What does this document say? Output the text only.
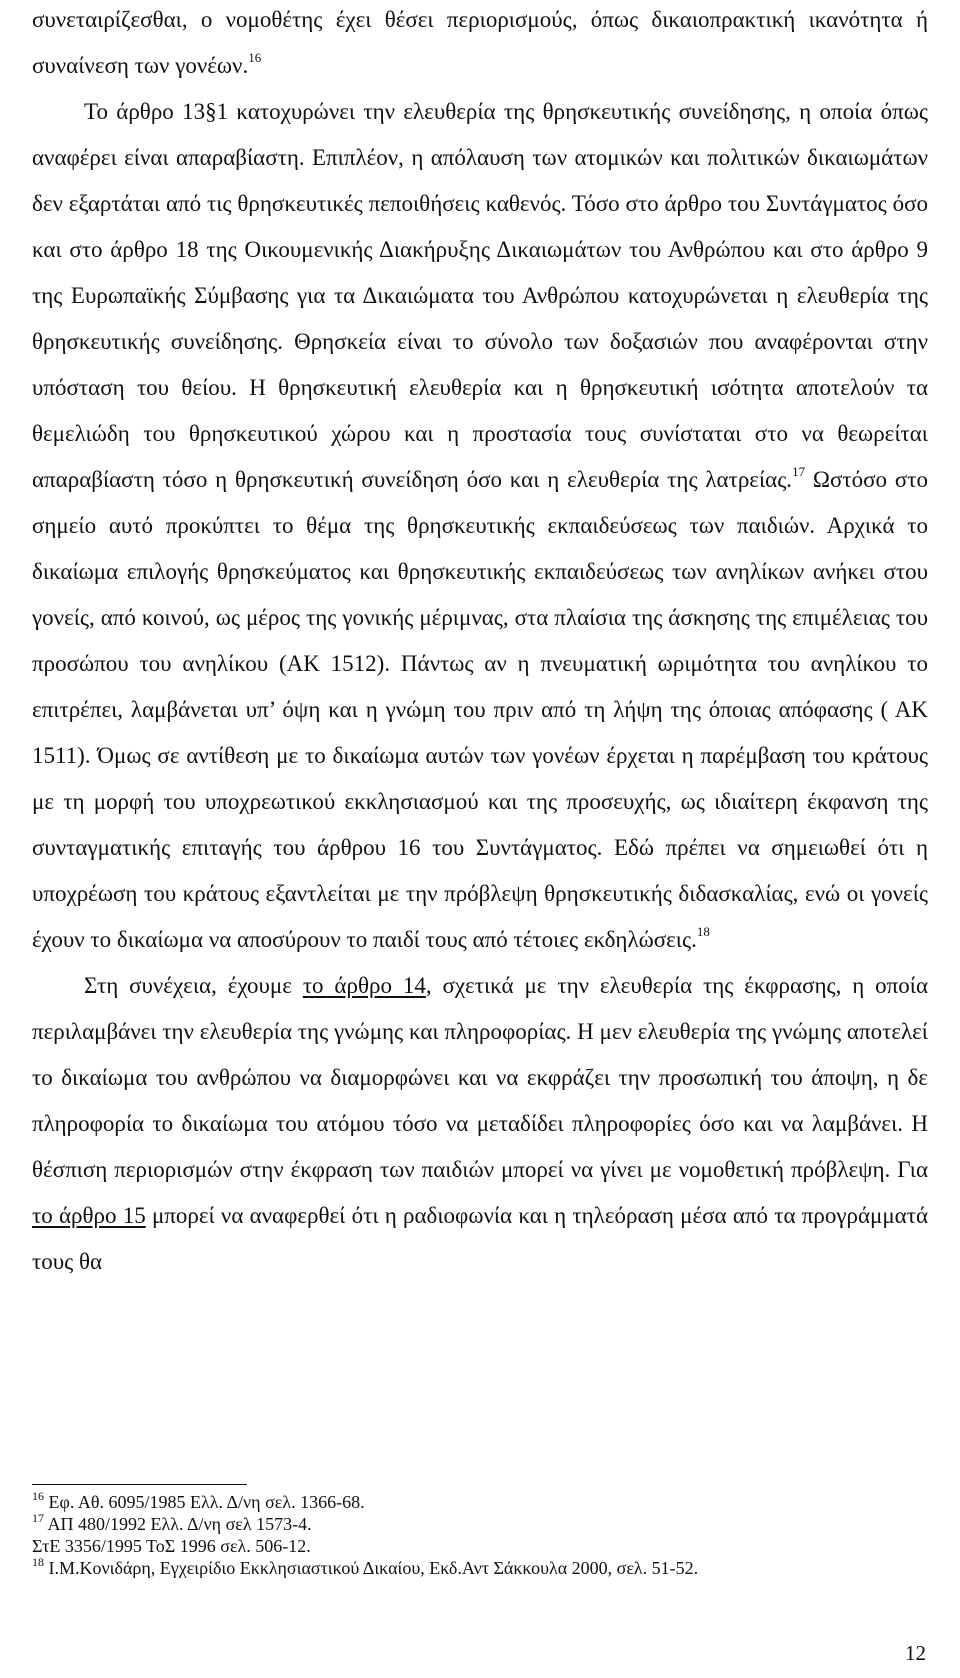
συνεταιρίζεσθαι, ο νομοθέτης έχει θέσει περιορισμούς, όπως δικαιοπρακτική ικανότητα ή συναίνεση των γονέων.$^{16}$

Το άρθρο 13§1 κατοχυρώνει την ελευθερία της θρησκευτικής συνείδησης, η οποία όπως αναφέρει είναι απαραβίαστη. Επιπλέον, η απόλαυση των ατομικών και πολιτικών δικαιωμάτων δεν εξαρτάται από τις θρησκευτικές πεποιθήσεις καθενός. Τόσο στο άρθρο του Συντάγματος όσο και στο άρθρο 18 της Οικουμενικής Διακήρυξης Δικαιωμάτων του Ανθρώπου και στο άρθρο 9 της Ευρωπαϊκής Σύμβασης για τα Δικαιώματα του Ανθρώπου κατοχυρώνεται η ελευθερία της θρησκευτικής συνείδησης. Θρησκεία είναι το σύνολο των δοξασιών που αναφέρονται στην υπόσταση του θείου. Η θρησκευτική ελευθερία και η θρησκευτική ισότητα αποτελούν τα θεμελιώδη του θρησκευτικού χώρου και η προστασία τους συνίσταται στο να θεωρείται απαραβίαστη τόσο η θρησκευτική συνείδηση όσο και η ελευθερία της λατρείας.$^{17}$ Ωστόσο στο σημείο αυτό προκύπτει το θέμα της θρησκευτικής εκπαιδεύσεως των παιδιών. Αρχικά το δικαίωμα επιλογής θρησκεύματος και θρησκευτικής εκπαιδεύσεως των ανηλίκων ανήκει στου γονείς, από κοινού, ως μέρος της γονικής μέριμνας, στα πλαίσια της άσκησης της επιμέλειας του προσώπου του ανηλίκου (ΑΚ 1512). Πάντως αν η πνευματική ωριμότητα του ανηλίκου το επιτρέπει, λαμβάνεται υπ’ όψη και η γνώμη του πριν από τη λήψη της όποιας απόφασης ( ΑΚ 1511). Όμως σε αντίθεση με το δικαίωμα αυτών των γονέων έρχεται η παρέμβαση του κράτους με τη μορφή του υποχρεωτικού εκκλησιασμού και της προσευχής, ως ιδιαίτερη έκφανση της συνταγματικής επιταγής του άρθρου 16 του Συντάγματος. Εδώ πρέπει να σημειωθεί ότι η υποχρέωση του κράτους εξαντλείται με την πρόβλεψη θρησκευτικής διδασκαλίας, ενώ οι γονείς έχουν το δικαίωμα να αποσύρουν το παιδί τους από τέτοιες εκδηλώσεις.$^{18}$

Στη συνέχεια, έχουμε το άρθρο 14, σχετικά με την ελευθερία της έκφρασης, η οποία περιλαμβάνει την ελευθερία της γνώμης και πληροφορίας. Η μεν ελευθερία της γνώμης αποτελεί το δικαίωμα του ανθρώπου να διαμορφώνει και να εκφράζει την προσωπική του άποψη, η δε πληροφορία το δικαίωμα του ατόμου τόσο να μεταδίδει πληροφορίες όσο και να λαμβάνει. Η θέσπιση περιορισμών στην έκφραση των παιδιών μπορεί να γίνει με νομοθετική πρόβλεψη. Για το άρθρο 15 μπορεί να αναφερθεί ότι η ραδιοφωνία και η τηλεόραση μέσα από τα προγράμματά τους θα

$^{16}$ Εφ. Αθ. 6095/1985 Ελλ. Δ/νη σελ. 1366-68.

$^{17}$ ΑΠ 480/1992 Ελλ. Δ/νη σελ 1573-4.

ΣτΕ 3356/1995 ΤοΣ 1996 σελ. 506-12.

$^{18}$ Ι.Μ.Κονιδάρη, Εγχειρίδιο Εκκλησιαστικού Δικαίου, Εκδ.Αντ Σάκκουλα 2000, σελ. 51-52.

12
